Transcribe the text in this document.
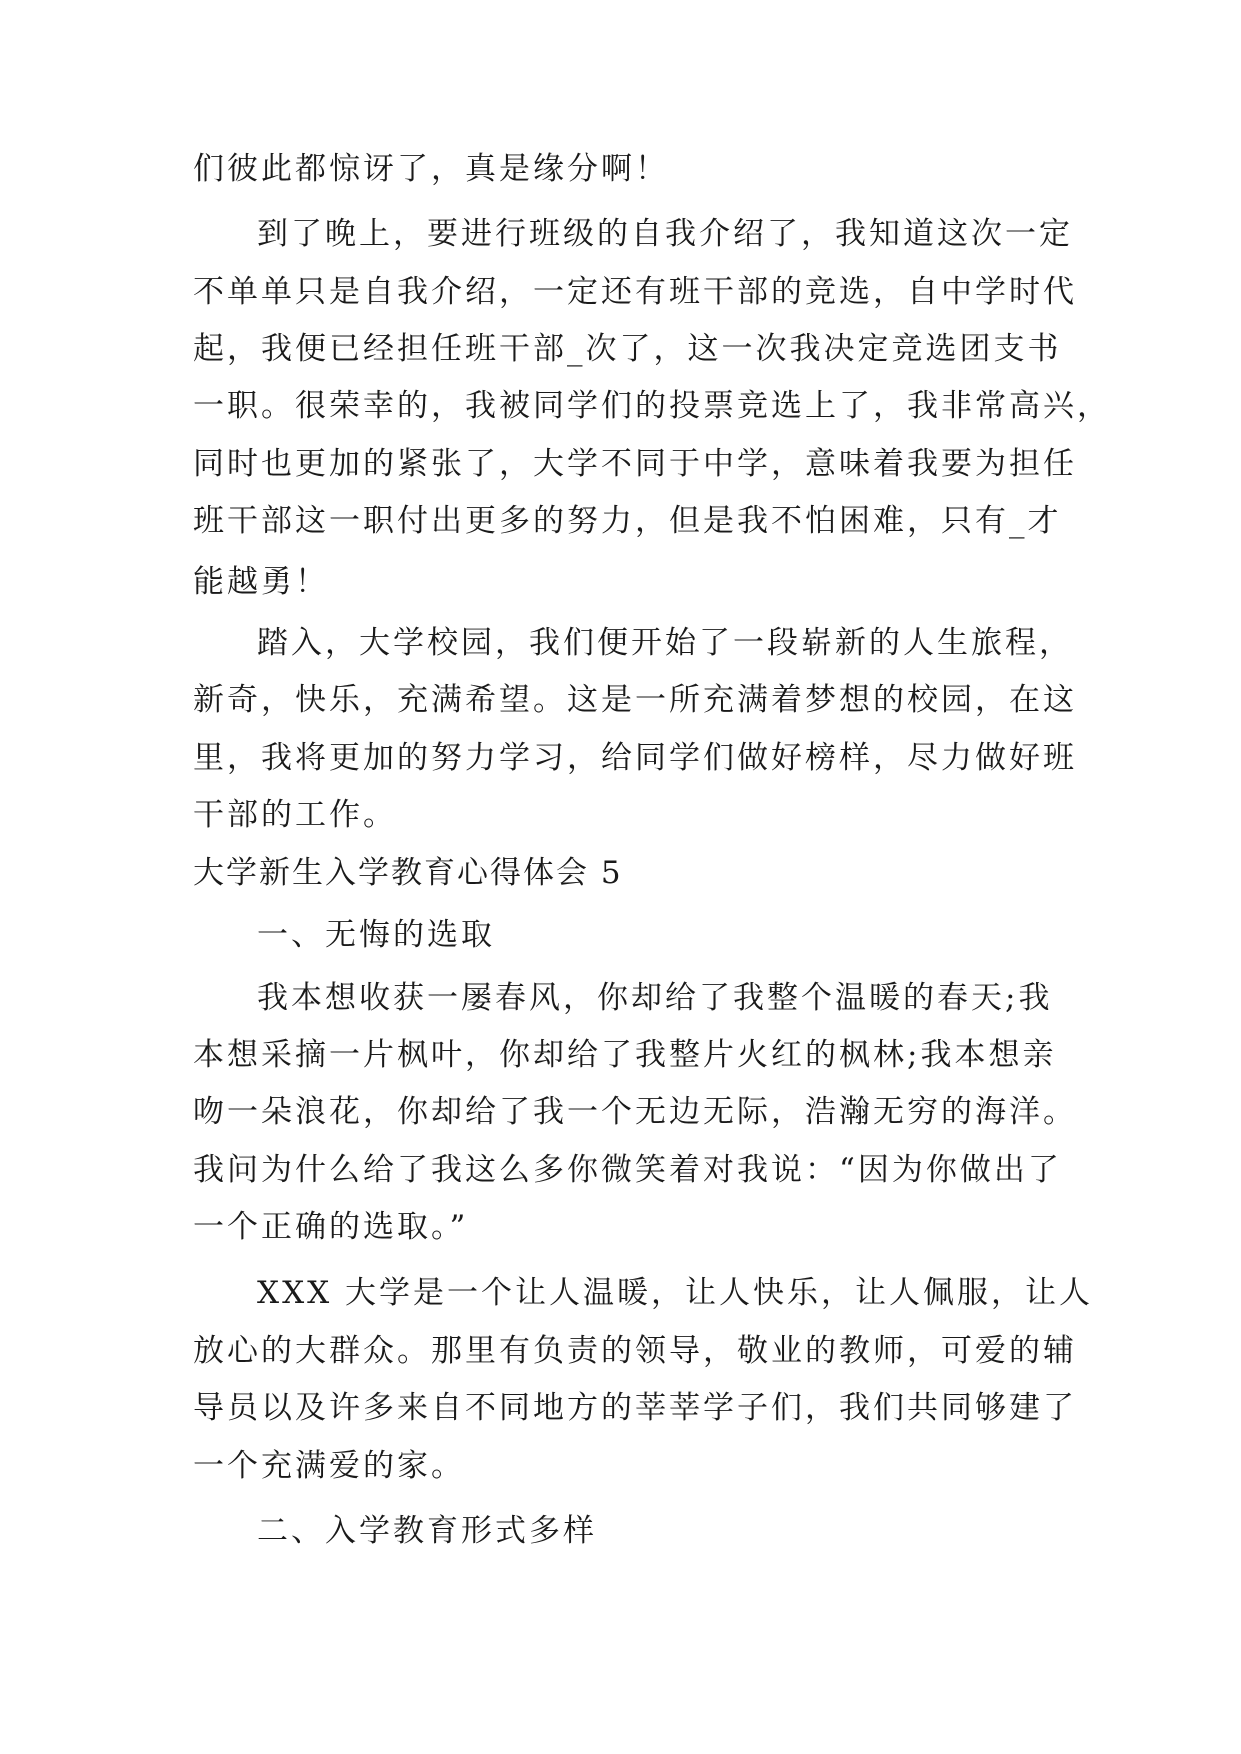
们彼此都惊讶了，真是缘分啊！

到了晚上，要进行班级的自我介绍了，我知道这次一定

不单单只是自我介绍，一定还有班干部的竞选，自中学时代

起，我便已经担任班干部_次了，这一次我决定竞选团支书

一职。很荣幸的，我被同学们的投票竞选上了，我非常高兴，

同时也更加的紧张了，大学不同于中学，意味着我要为担任

班干部这一职付出更多的努力，但是我不怕困难，只有_才

能越勇！

踏入，大学校园，我们便开始了一段崭新的人生旅程，

新奇，快乐，充满希望。这是一所充满着梦想的校园，在这

里，我将更加的努力学习，给同学们做好榜样，尽力做好班

干部的工作。

大学新生入学教育心得体会 5

一、无悔的选取

我本想收获一屡春风，你却给了我整个温暖的春天;我

本想采摘一片枫叶，你却给了我整片火红的枫林;我本想亲

吻一朵浪花，你却给了我一个无边无际，浩瀚无穷的海洋。

我问为什么给了我这么多你微笑着对我说：“因为你做出了

一个正确的选取。”

XXX 大学是一个让人温暖，让人快乐，让人佩服，让人

放心的大群众。那里有负责的领导，敬业的教师，可爱的辅

导员以及许多来自不同地方的莘莘学子们，我们共同够建了

一个充满爱的家。

二、入学教育形式多样
